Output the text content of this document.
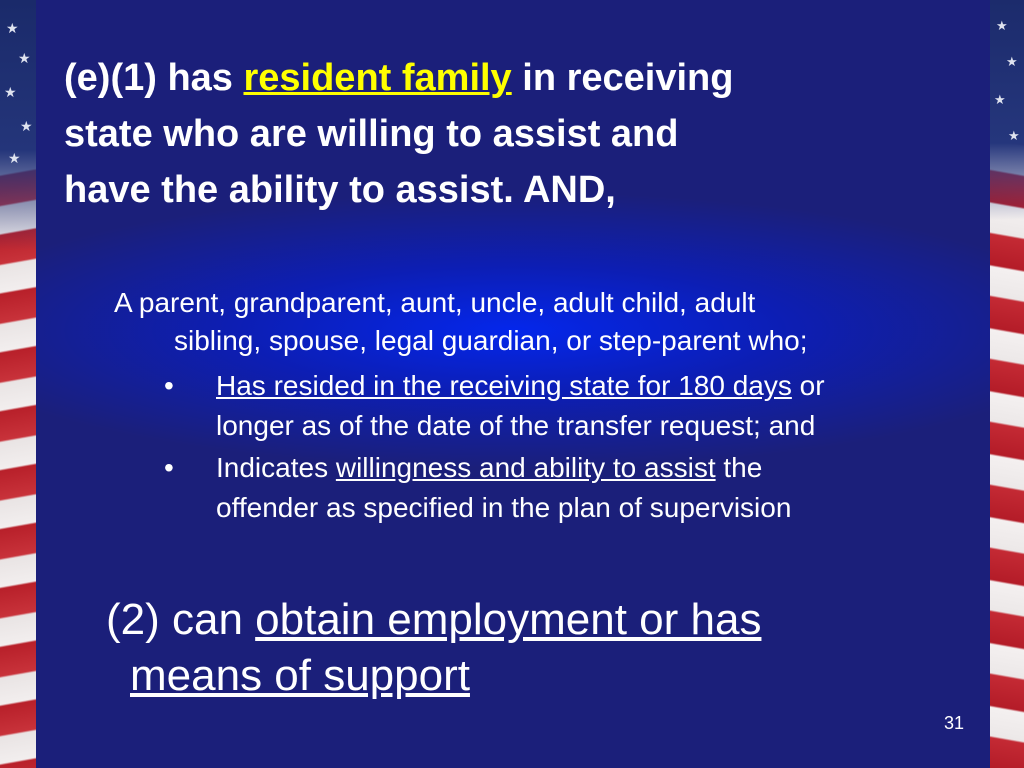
★
★
★
★
★
★
★
★
★
(e)(1) has resident family in receiving
state who are willing to assist and
have the ability to assist. AND,
A parent, grandparent, aunt, uncle, adult child, adult
sibling, spouse, legal guardian, or step-parent who;
• Has resided in the receiving state for 180 days or
longer as of the date of the transfer request; and
• Indicates willingness and ability to assist the
offender as specified in the plan of supervision
(2) can obtain employment or has
means of support
31
